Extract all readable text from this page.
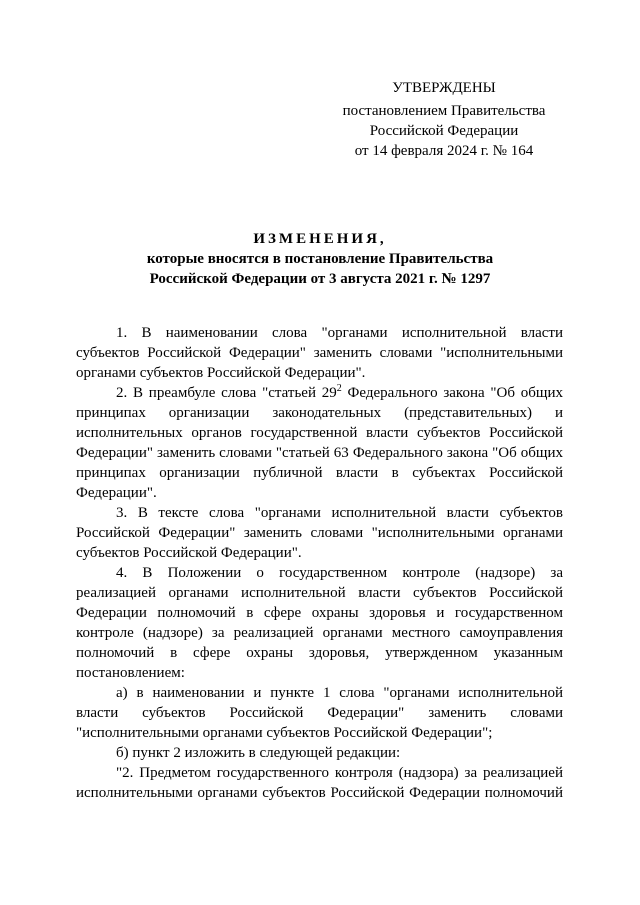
УТВЕРЖДЕНЫ
постановлением Правительства
Российской Федерации
от 14 февраля 2024 г. № 164
ИЗМЕНЕНИЯ,
которые вносятся в постановление Правительства
Российской Федерации от 3 августа 2021 г. № 1297

1. В наименовании слова "органами исполнительной власти субъектов Российской Федерации" заменить словами "исполнительными органами субъектов Российской Федерации".

2. В преамбуле слова "статьей $29^2$ Федерального закона "Об общих принципах организации законодательных (представительных) и исполнительных органов государственной власти субъектов Российской Федерации" заменить словами "статьей 63 Федерального закона "Об общих принципах организации публичной власти в субъектах Российской Федерации".

3. В тексте слова "органами исполнительной власти субъектов Российской Федерации" заменить словами "исполнительными органами субъектов Российской Федерации".

4. В Положении о государственном контроле (надзоре) за реализацией органами исполнительной власти субъектов Российской Федерации полномочий в сфере охраны здоровья и государственном контроле (надзоре) за реализацией органами местного самоуправления полномочий в сфере охраны здоровья, утвержденном указанным постановлением:

а) в наименовании и пункте 1 слова "органами исполнительной власти субъектов Российской Федерации" заменить словами "исполнительными органами субъектов Российской Федерации";

б) пункт 2 изложить в следующей редакции:

"2. Предметом государственного контроля (надзора) за реализацией исполнительными органами субъектов Российской Федерации полномочий
